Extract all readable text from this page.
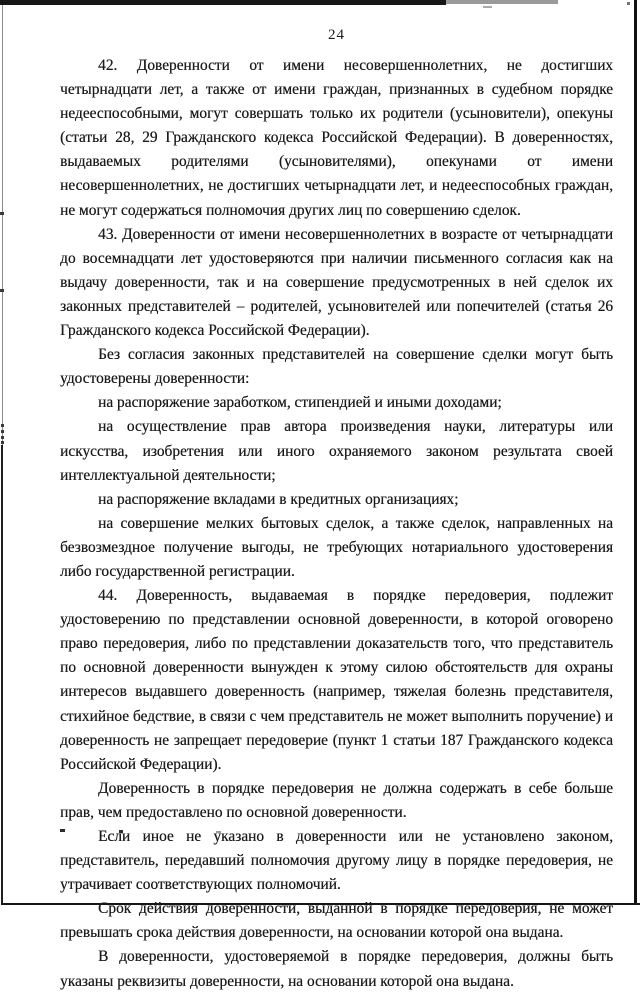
24

42. Доверенности от имени несовершеннолетних, не достигших четырнадцати лет, а также от имени граждан, признанных в судебном порядке недееспособными, могут совершать только их родители (усыновители), опекуны (статьи 28, 29 Гражданского кодекса Российской Федерации). В доверенностях, выдаваемых родителями (усыновителями), опекунами от имени несовершеннолетних, не достигших четырнадцати лет, и недееспособных граждан, не могут содержаться полномочия других лиц по совершению сделок.

43. Доверенности от имени несовершеннолетних в возрасте от четырнадцати до восемнадцати лет удостоверяются при наличии письменного согласия как на выдачу доверенности, так и на совершение предусмотренных в ней сделок их законных представителей – родителей, усыновителей или попечителей (статья 26 Гражданского кодекса Российской Федерации).

Без согласия законных представителей на совершение сделки могут быть удостоверены доверенности:

на распоряжение заработком, стипендией и иными доходами;

на осуществление прав автора произведения науки, литературы или искусства, изобретения или иного охраняемого законом результата своей интеллектуальной деятельности;

на распоряжение вкладами в кредитных организациях;

на совершение мелких бытовых сделок, а также сделок, направленных на безвозмездное получение выгоды, не требующих нотариального удостоверения либо государственной регистрации.

44. Доверенность, выдаваемая в порядке передоверия, подлежит удостоверению по представлении основной доверенности, в которой оговорено право передоверия, либо по представлении доказательств того, что представитель по основной доверенности вынужден к этому силою обстоятельств для охраны интересов выдавшего доверенность (например, тяжелая болезнь представителя, стихийное бедствие, в связи с чем представитель не может выполнить поручение) и доверенность не запрещает передоверие (пункт 1 статьи 187 Гражданского кодекса Российской Федерации).

Доверенность в порядке передоверия не должна содержать в себе больше прав, чем предоставлено по основной доверенности.

Если иное не указано в доверенности или не установлено законом, представитель, передавший полномочия другому лицу в порядке передоверия, не утрачивает соответствующих полномочий.

Срок действия доверенности, выданной в порядке передоверия, не может превышать срока действия доверенности, на основании которой она выдана.

В доверенности, удостоверяемой в порядке передоверия, должны быть указаны реквизиты доверенности, на основании которой она выдана.
